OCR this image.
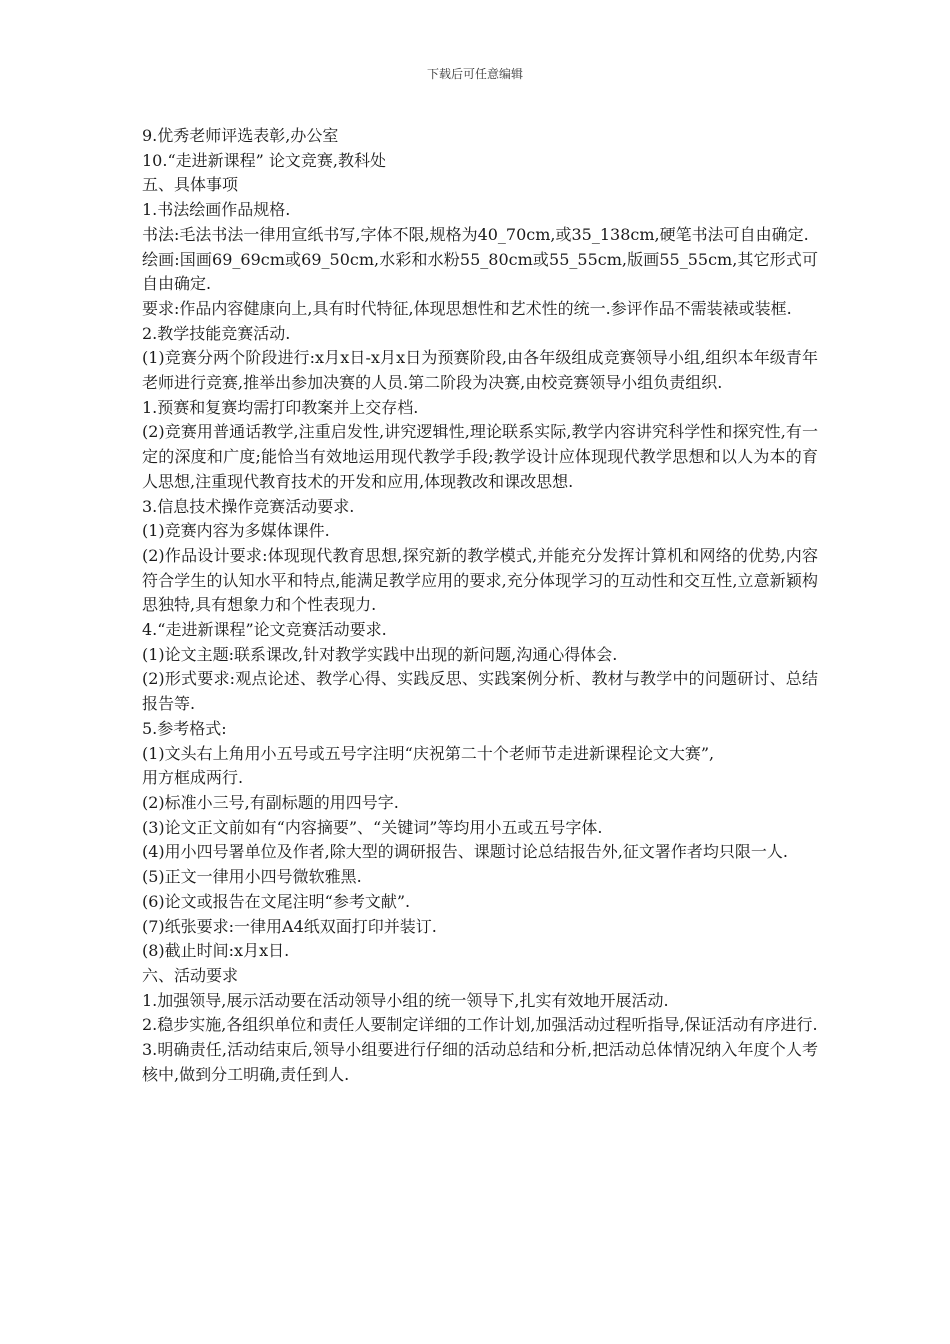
下载后可任意编辑

9.优秀老师评选表彰,办公室

10.“走进新课程” 论文竞赛,教科处

五、具体事项

1.书法绘画作品规格.

书法:毛法书法一律用宣纸书写,字体不限,规格为40_70cm,或35_138cm,硬笔书法可自由确定.

绘画:国画69_69cm或69_50cm,水彩和水粉55_80cm或55_55cm,版画55_55cm,其它形式可自由确定.

要求:作品内容健康向上,具有时代特征,体现思想性和艺术性的统一.参评作品不需装裱或装框.

2.教学技能竞赛活动.

(1)竞赛分两个阶段进行:x月x日-x月x日为预赛阶段,由各年级组成竞赛领导小组,组织本年级青年老师进行竞赛,推举出参加决赛的人员.第二阶段为决赛,由校竞赛领导小组负责组织.

1.预赛和复赛均需打印教案并上交存档.

(2)竞赛用普通话教学,注重启发性,讲究逻辑性,理论联系实际,教学内容讲究科学性和探究性,有一定的深度和广度;能恰当有效地运用现代教学手段;教学设计应体现现代教学思想和以人为本的育人思想,注重现代教育技术的开发和应用,体现教改和课改思想.

3.信息技术操作竞赛活动要求.

(1)竞赛内容为多媒体课件.

(2)作品设计要求:体现现代教育思想,探究新的教学模式,并能充分发挥计算机和网络的优势,内容符合学生的认知水平和特点,能满足教学应用的要求,充分体现学习的互动性和交互性,立意新颖构思独特,具有想象力和个性表现力.

4.“走进新课程”论文竞赛活动要求.

(1)论文主题:联系课改,针对教学实践中出现的新问题,沟通心得体会.

(2)形式要求:观点论述、教学心得、实践反思、实践案例分析、教材与教学中的问题研讨、总结报告等.

5.参考格式:

(1)文头右上角用小五号或五号字注明“庆祝第二十个老师节走进新课程论文大赛”,

用方框成两行.

(2)标准小三号,有副标题的用四号字.

(3)论文正文前如有“内容摘要”、“关键词”等均用小五或五号字体.

(4)用小四号署单位及作者,除大型的调研报告、课题讨论总结报告外,征文署作者均只限一人.

(5)正文一律用小四号微软雅黑.

(6)论文或报告在文尾注明“参考文献”.

(7)纸张要求:一律用A4纸双面打印并装订.

(8)截止时间:x月x日.

六、活动要求

1.加强领导,展示活动要在活动领导小组的统一领导下,扎实有效地开展活动.

2.稳步实施,各组织单位和责任人要制定详细的工作计划,加强活动过程听指导,保证活动有序进行.

3.明确责任,活动结束后,领导小组要进行仔细的活动总结和分析,把活动总体情况纳入年度个人考核中,做到分工明确,责任到人.
